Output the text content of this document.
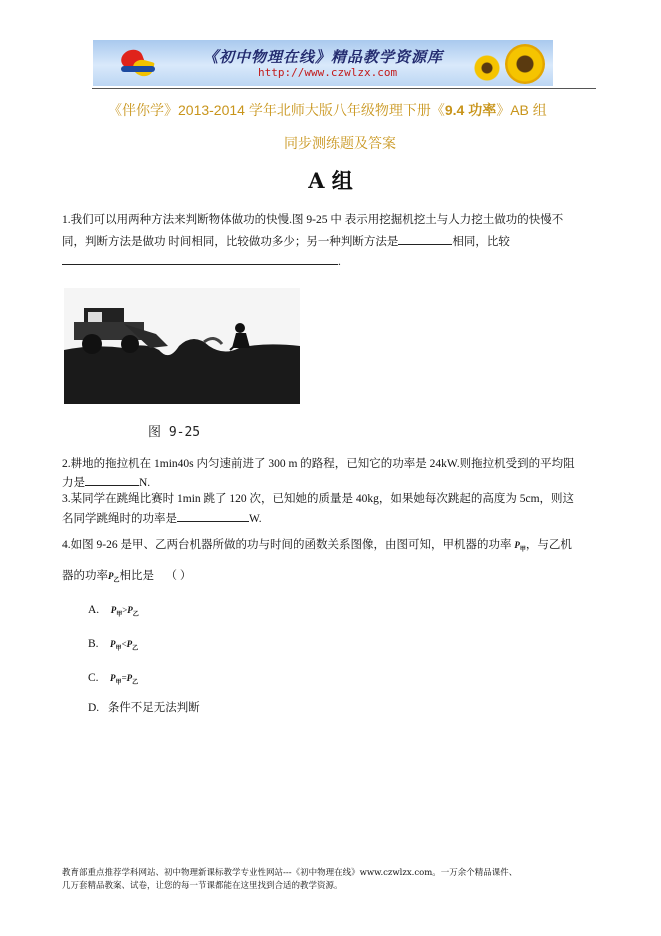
《初中物理在线》精品教学资源库
http://www.czwlzx.com
《伴你学》2013-2014 学年北师大版八年级物理下册《9.4 功率》AB 组
同步测练题及答案
A 组
1.我们可以用两种方法来判断物体做功的快慢.图 9-25 中 表示用挖掘机挖土与人力挖土做功的快慢不
同，判断方法是做功 时间相同，比较做功多少；另一种判断方法是	相同，比较
.
图 9-25
2.耕地的拖拉机在 1min40s 内匀速前进了 300 m 的路程，已知它的功率是 24kW.则拖拉机受到的平均阻
力是	N.
3.某同学在跳绳比赛时 1min 跳了 120 次，已知她的质量是 40kg，如果她每次跳起的高度为 5cm，则这
名同学跳绳时的功率是	W.
4.如图 9-26 是甲、乙两台机器所做的功与时间的函数关系图像，由图可知，甲机器的功率 $P_甲$，与乙机
器的功率$P_乙$相比是 （ ）
A. $P_甲>P_乙$
B. $P_甲<P_乙$
C. $P_甲=P_乙$
D. 条件不足无法判断
教育部重点推荐学科网站、初中物理新课标教学专业性网站---《初中物理在线》www.czwlzx.com。一万余个精品课件、
几万套精品教案、试卷，让您的每一节课都能在这里找到合适的教学资源。
